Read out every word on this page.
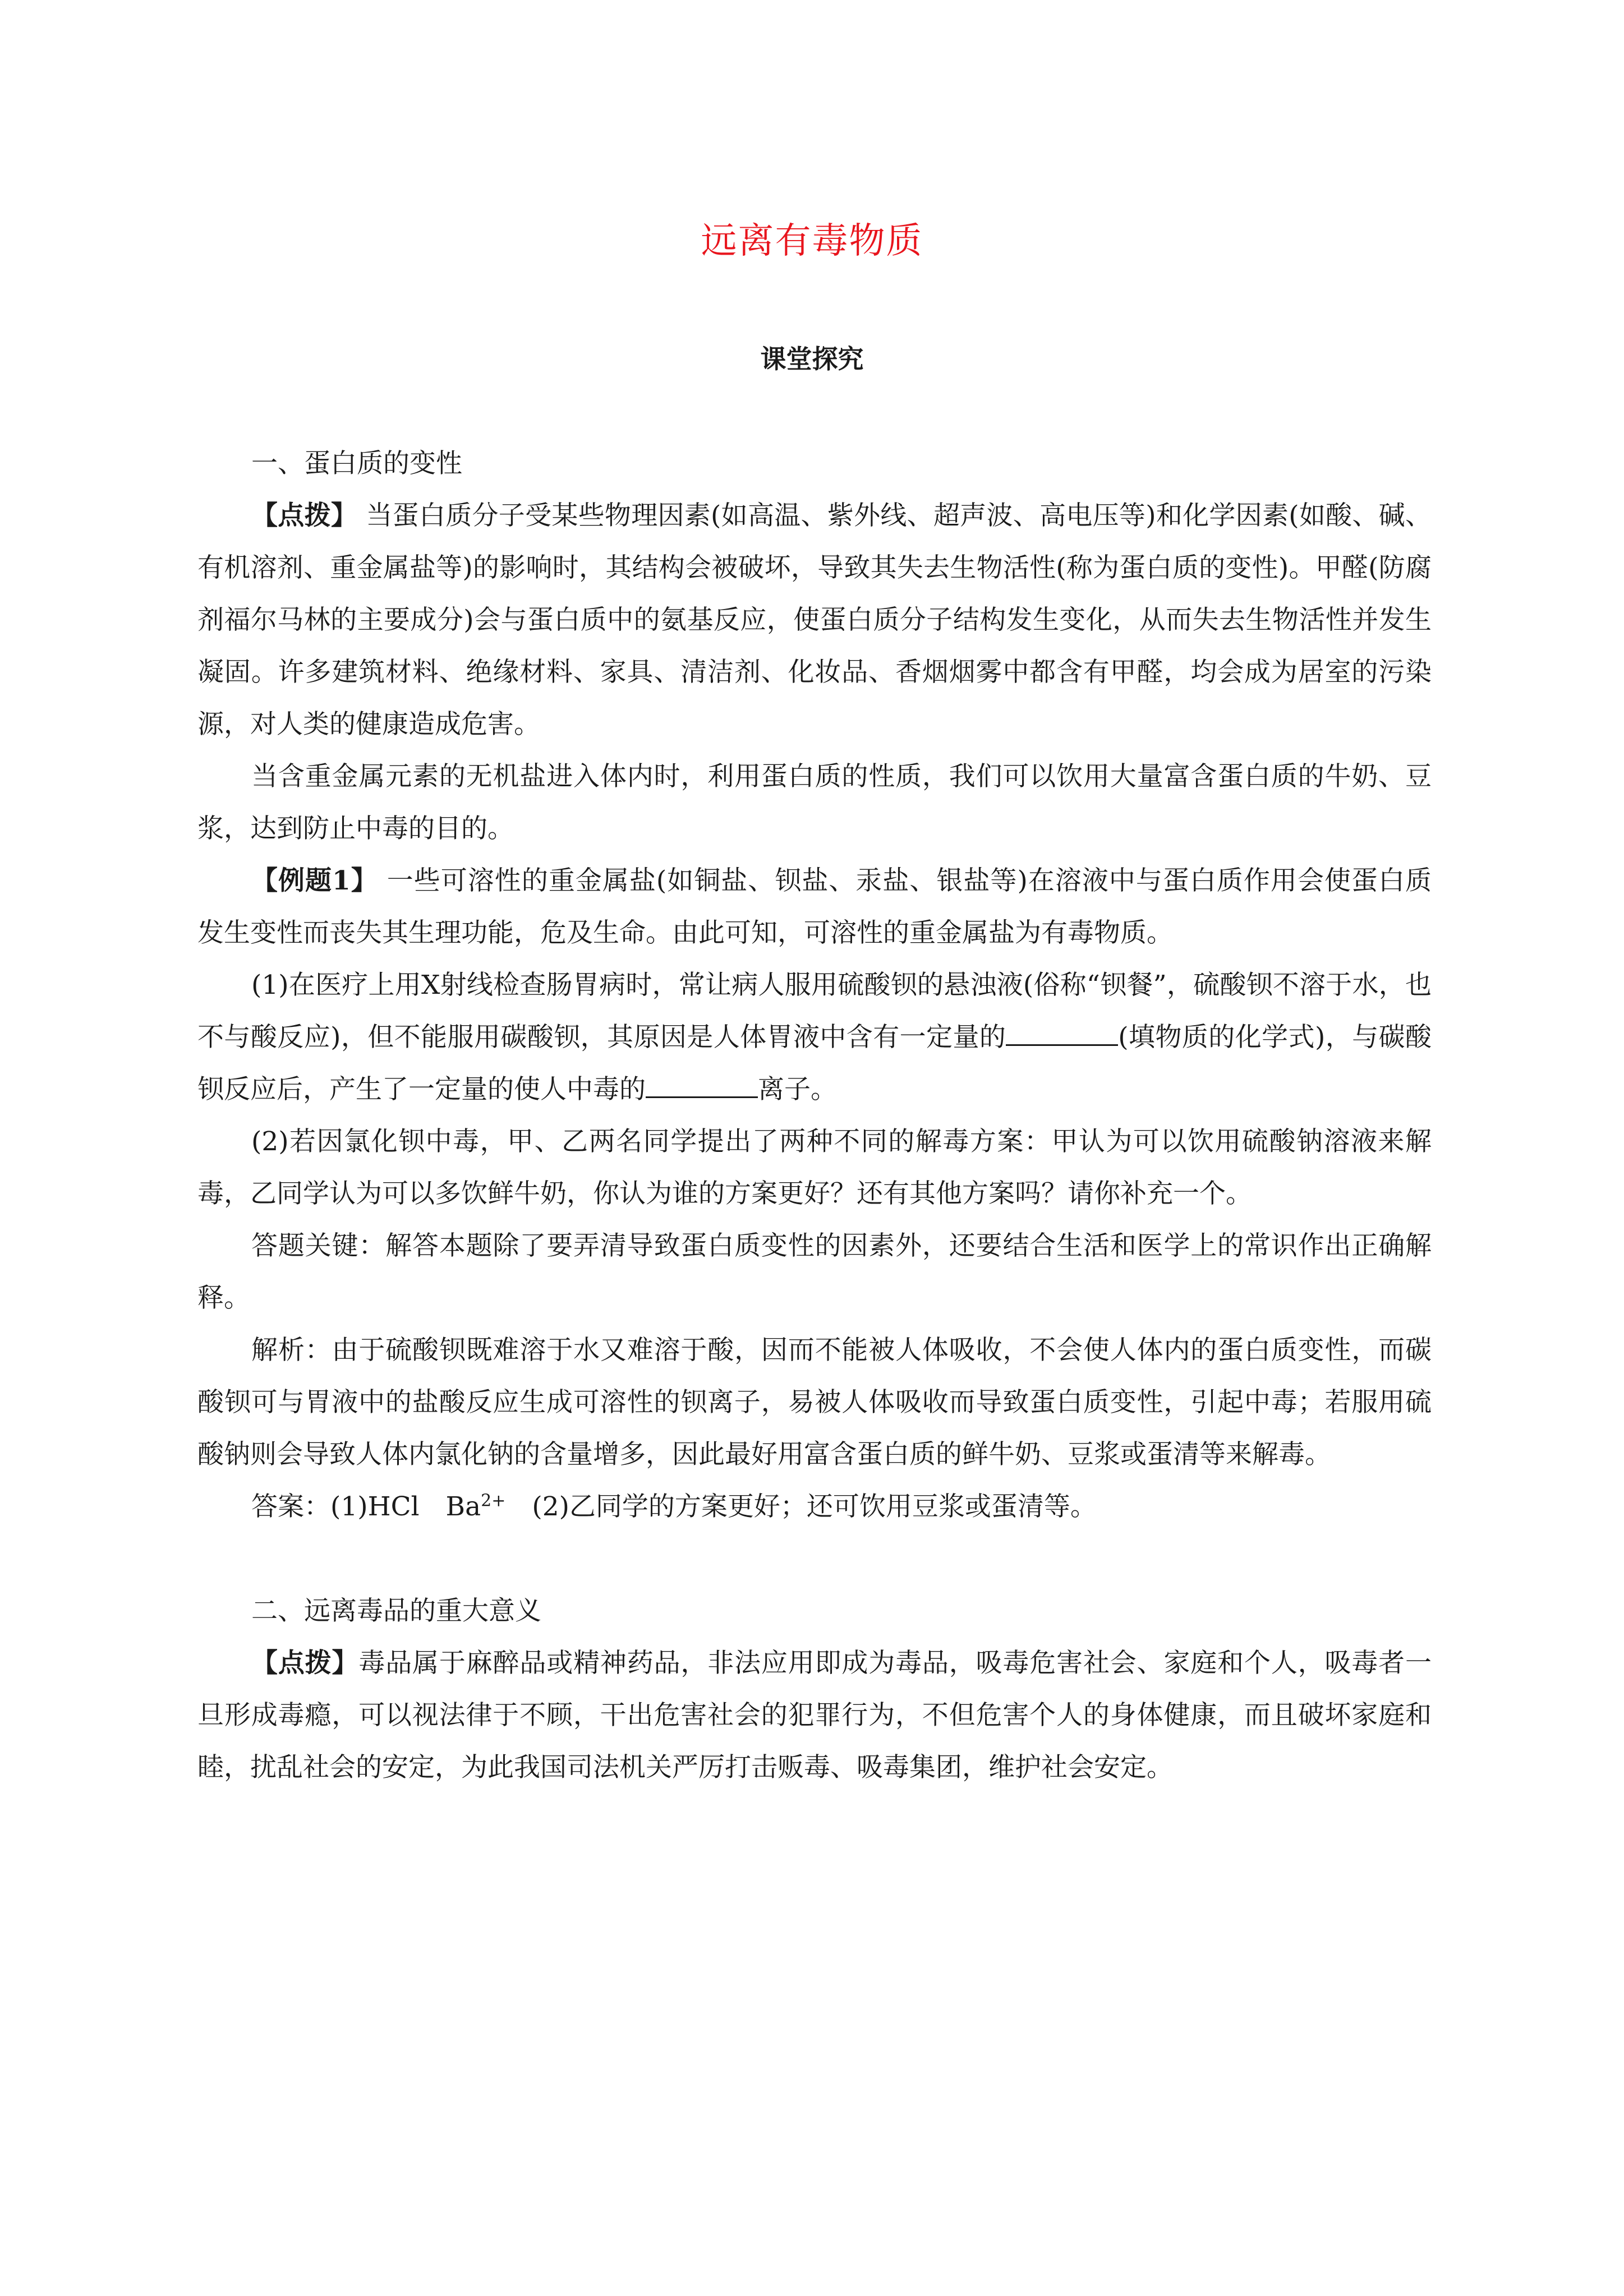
远离有毒物质
课堂探究

一、蛋白质的变性

【点拨】 当蛋白质分子受某些物理因素(如高温、紫外线、超声波、高电压等)和化学因素(如酸、碱、有机溶剂、重金属盐等)的影响时，其结构会被破坏，导致其失去生物活性(称为蛋白质的变性)。甲醛(防腐剂福尔马林的主要成分)会与蛋白质中的氨基反应，使蛋白质分子结构发生变化，从而失去生物活性并发生凝固。许多建筑材料、绝缘材料、家具、清洁剂、化妆品、香烟烟雾中都含有甲醛，均会成为居室的污染源，对人类的健康造成危害。

当含重金属元素的无机盐进入体内时，利用蛋白质的性质，我们可以饮用大量富含蛋白质的牛奶、豆浆，达到防止中毒的目的。

【例题1】 一些可溶性的重金属盐(如铜盐、钡盐、汞盐、银盐等)在溶液中与蛋白质作用会使蛋白质发生变性而丧失其生理功能，危及生命。由此可知，可溶性的重金属盐为有毒物质。

(1)在医疗上用X射线检查肠胃病时，常让病人服用硫酸钡的悬浊液(俗称“钡餐”，硫酸钡不溶于水，也不与酸反应)，但不能服用碳酸钡，其原因是人体胃液中含有一定量的	(填物质的化学式)，与碳酸钡反应后，产生了一定量的使人中毒的	离子。

(2)若因氯化钡中毒，甲、乙两名同学提出了两种不同的解毒方案：甲认为可以饮用硫酸钠溶液来解毒，乙同学认为可以多饮鲜牛奶，你认为谁的方案更好？还有其他方案吗？请你补充一个。

答题关键：解答本题除了要弄清导致蛋白质变性的因素外，还要结合生活和医学上的常识作出正确解释。

解析：由于硫酸钡既难溶于水又难溶于酸，因而不能被人体吸收，不会使人体内的蛋白质变性，而碳酸钡可与胃液中的盐酸反应生成可溶性的钡离子，易被人体吸收而导致蛋白质变性，引起中毒；若服用硫酸钠则会导致人体内氯化钠的含量增多，因此最好用富含蛋白质的鲜牛奶、豆浆或蛋清等来解毒。

答案：(1)HCl　$Ba^{2+}$　(2)乙同学的方案更好；还可饮用豆浆或蛋清等。

二、远离毒品的重大意义

【点拨】毒品属于麻醉品或精神药品，非法应用即成为毒品，吸毒危害社会、家庭和个人，吸毒者一旦形成毒瘾，可以视法律于不顾，干出危害社会的犯罪行为，不但危害个人的身体健康，而且破坏家庭和睦，扰乱社会的安定，为此我国司法机关严厉打击贩毒、吸毒集团，维护社会安定。
